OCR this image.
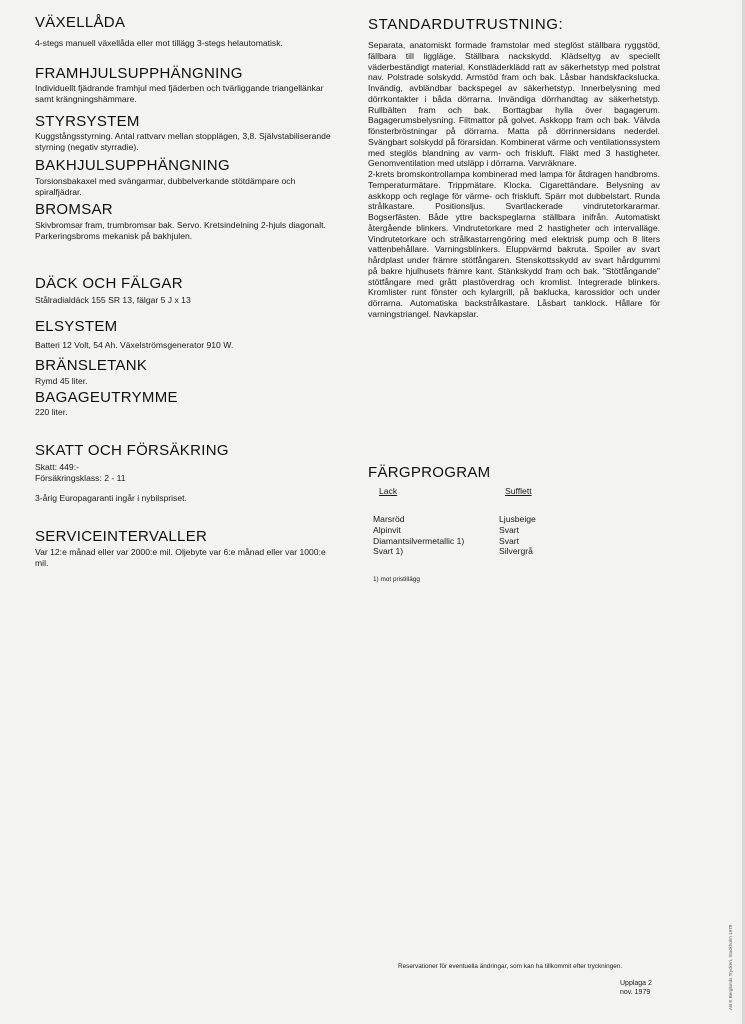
VÄXELLÅDA

4-stegs manuell växellåda eller mot tillägg 3-stegs helautomatisk.

FRAMHJULSUPPHÄNGNING

Individuellt fjädrande framhjul med fjäderben och tvärliggande triangellänkar samt krängningshämmare.

STYRSYSTEM

Kuggstångsstyrning. Antal rattvarv mellan stopplägen, 3,8. Självstabiliserande styrning (negativ styrradie).

BAKHJULSUPPHÄNGNING

Torsionsbakaxel med svängarmar, dubbelverkande stötdämpare och spiralfjädrar.

BROMSAR

Skivbromsar fram, trumbromsar bak. Servo. Kretsindelning 2-hjuls diagonalt. Parkeringsbroms mekanisk på bakhjulen.

DÄCK OCH FÄLGAR

Stålradialdäck 155 SR 13, fälgar 5 J x 13

ELSYSTEM

Batteri 12 Volt, 54 Ah. Växelströmsgenerator 910 W.

BRÄNSLETANK

Rymd 45 liter.

BAGAGEUTRYMME

220 liter.

SKATT OCH FÖRSÄKRING

Skatt: 449:-

Försäkringsklass: 2 - 11

3-årig Europagaranti ingår i nybilspriset.

SERVICEINTERVALLER

Var 12:e månad eller var 2000:e mil. Oljebyte var 6:e månad eller var 1000:e mil.

STANDARDUTRUSTNING:

Separata, anatomiskt formade framstolar med steglöst ställbara ryggstöd, fällbara till liggläge. Ställbara nackskydd. Klädseltyg av speciellt väderbeständigt material. Konstläderklädd ratt av säkerhetstyp med polstrat nav. Polstrade solskydd. Armstöd fram och bak. Låsbar handskfackslucka. Invändig, avbländbar backspegel av säkerhetstyp. Innerbelysning med dörrkontakter i båda dörrarna. Invändiga dörrhandtag av säkerhetstyp. Rullbälten fram och bak. Borttagbar hylla över bagagerum. Bagagerumsbelysning. Filtmattor på golvet. Askkopp fram och bak. Välvda fönsterbröstningar på dörrarna. Matta på dörrinnersidans nederdel. Svängbart solskydd på förarsidan. Kombinerat värme och ventilationssystem med steglös blandning av varm- och friskluft. Fläkt med 3 hastigheter. Genomventilation med utsläpp i dörrarna. Varvräknare.

2-krets bromskontrollampa kombinerad med lampa för åtdragen handbroms. Temperaturmätare. Trippmätare. Klocka. Cigarettändare. Belysning av askkopp och reglage för värme- och friskluft. Spärr mot dubbelstart. Runda strålkastare. Positionsljus. Svartlackerade vindrutetorkararmar. Bogserfästen. Både yttre backspeglarna ställbara inifrån. Automatiskt återgående blinkers. Vindrutetorkare med 2 hastigheter och intervalläge. Vindrutetorkare och strålkastarrengöring med elektrisk pump och 8 liters vattenbehållare. Varningsblinkers. Eluppvärmd bakruta. Spoiler av svart hårdplast under främre stötfångaren. Stenskottsskydd av svart hårdgummi på bakre hjulhusets främre kant. Stänkskydd fram och bak. "Stötfångande" stötfångare med grått plastöverdrag och kromlist. Integrerade blinkers. Kromlister runt fönster och kylargrill, på baklucka, karossidor och under dörrarna. Automatiska backstrålkastare. Låsbart tanklock. Hållare för varningstriangel. Navkapslar.

FÄRGPROGRAM
Lack	Sufflett
Marsröd
Alpinvit
Diamantsilvermetallic 1)
Svart 1)
Ljusbeige
Svart
Svart
Silvergrå
1) mot pristillägg
Reservationer för eventuella ändringar, som kan ha tillkommit efter tryckningen.
Upplaga 2
nov. 1979	AB E Berglunds Tryckeri, Stockholm 1979
